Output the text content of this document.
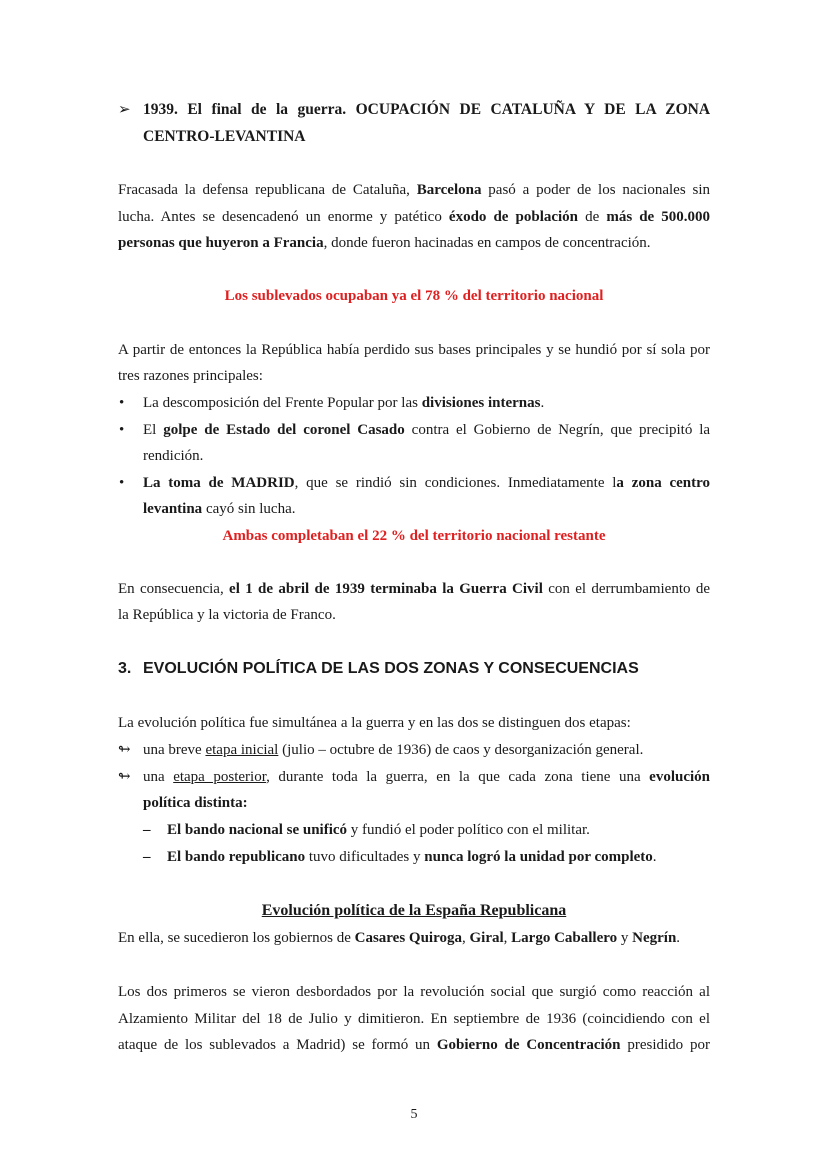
➢ 1939. El final de la guerra. OCUPACIÓN DE CATALUÑA Y DE LA ZONA
CENTRO-LEVANTINA
Fracasada la defensa republicana de Cataluña, Barcelona pasó a poder de los nacionales sin
lucha. Antes se desencadenó un enorme y patético éxodo de población de más de 500.000
personas que huyeron a Francia, donde fueron hacinadas en campos de concentración.
Los sublevados ocupaban ya el 78 % del territorio nacional
A partir de entonces la República había perdido sus bases principales y se hundió por sí sola por
tres razones principales:
• La descomposición del Frente Popular por las divisiones internas.
• El golpe de Estado del coronel Casado contra el Gobierno de Negrín, que precipitó la
rendición.
• La toma de MADRID, que se rindió sin condiciones. Inmediatamente la zona centro
levantina cayó sin lucha.
Ambas completaban el 22 % del territorio nacional restante
En consecuencia, el 1 de abril de 1939 terminaba la Guerra Civil con el derrumbamiento de
la República y la victoria de Franco.
3. EVOLUCIÓN POLÍTICA DE LAS DOS ZONAS Y CONSECUENCIAS
La evolución política fue simultánea a la guerra y en las dos se distinguen dos etapas:
↬ una breve etapa inicial (julio – octubre de 1936) de caos y desorganización general.
↬ una etapa posterior, durante toda la guerra, en la que cada zona tiene una evolución
política distinta:
– El bando nacional se unificó y fundió el poder político con el militar.
– El bando republicano tuvo dificultades y nunca logró la unidad por completo.
Evolución política de la España Republicana
En ella, se sucedieron los gobiernos de Casares Quiroga, Giral, Largo Caballero y Negrín.
Los dos primeros se vieron desbordados por la revolución social que surgió como reacción al
Alzamiento Militar del 18 de Julio y dimitieron. En septiembre de 1936 (coincidiendo con el
ataque de los sublevados a Madrid) se formó un Gobierno de Concentración presidido por
5
